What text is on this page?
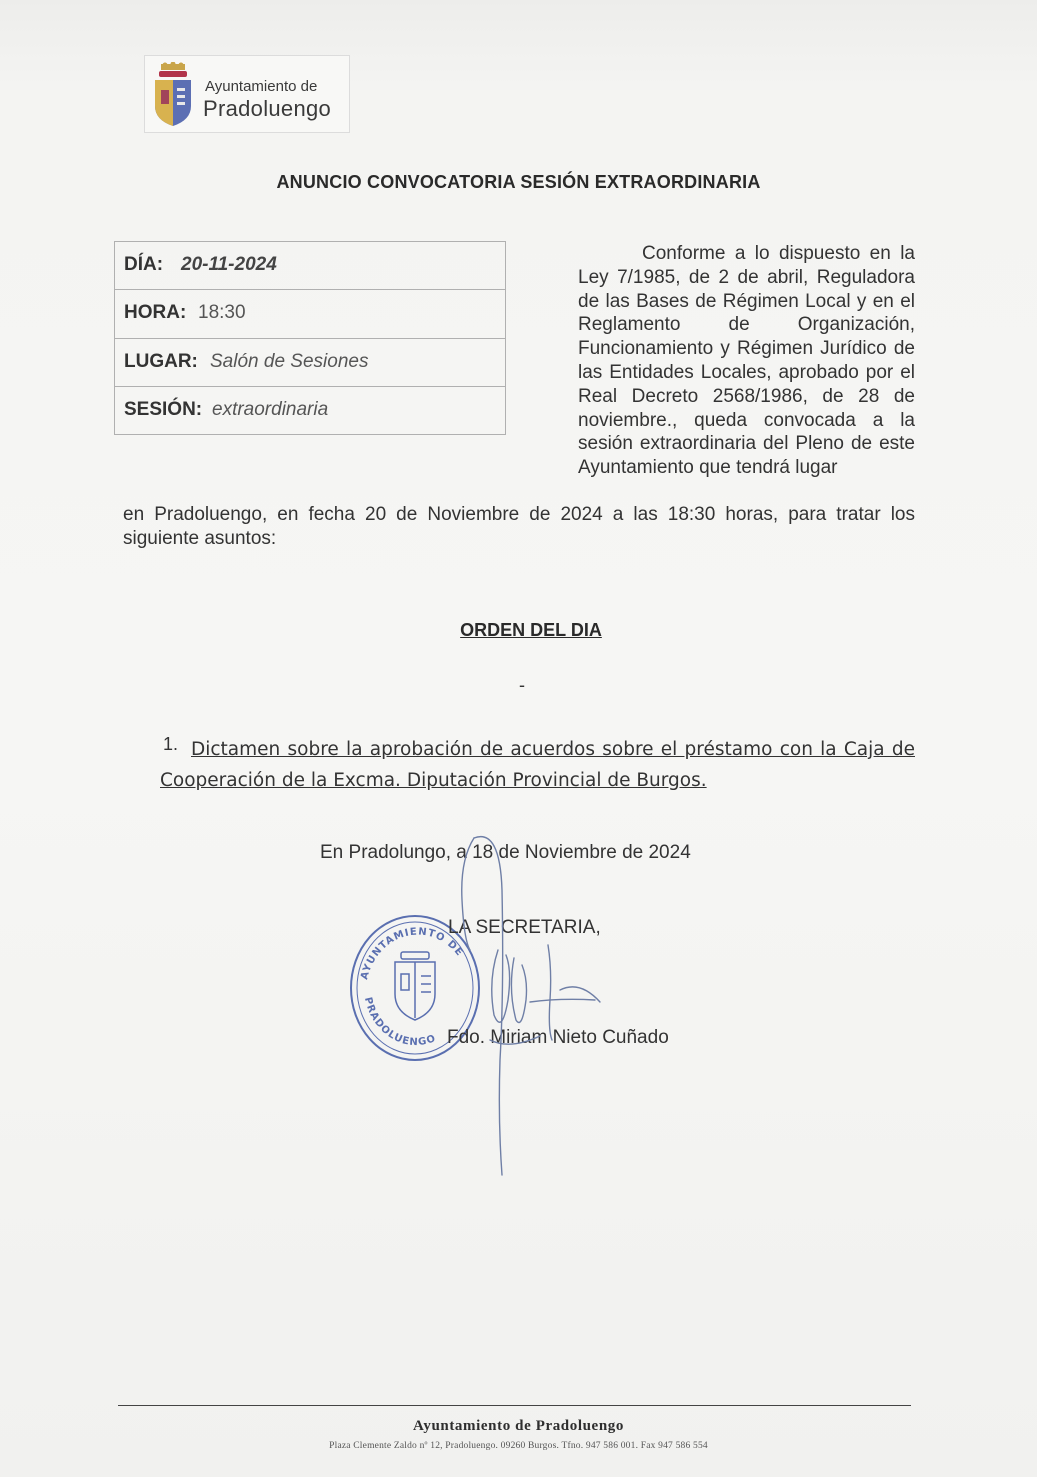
Ayuntamiento de
Pradoluengo
ANUNCIO CONVOCATORIA SESIÓN EXTRAORDINARIA
DÍA: 20-11-2024
HORA: 18:30
LUGAR: Salón de Sesiones
SESIÓN: extraordinaria
Conforme a lo dispuesto en la Ley 7/1985, de 2 de abril, Reguladora de las Bases de Régimen Local y en el Reglamento de Organización, Funcionamiento y Régimen Jurídico de las Entidades Locales, aprobado por el Real Decreto 2568/1986, de 28 de noviembre., queda convocada a la sesión extraordinaria del Pleno de este Ayuntamiento que tendrá lugar
en Pradoluengo, en fecha 20 de Noviembre de 2024 a las 18:30 horas, para tratar los siguiente asuntos:
ORDEN DEL DIA
-
1. Dictamen sobre la aprobación de acuerdos sobre el préstamo con la Caja de Cooperación de la Excma. Diputación Provincial de Burgos.
En Pradolungo, a 18 de Noviembre de 2024
AYUNTAMIENTO DE
PRADOLUENGO
LA SECRETARIA,
Fdo. Miriam Nieto Cuñado
Ayuntamiento de Pradoluengo
Plaza Clemente Zaldo nº 12, Pradoluengo. 09260 Burgos. Tfno. 947 586 001. Fax 947 586 554
